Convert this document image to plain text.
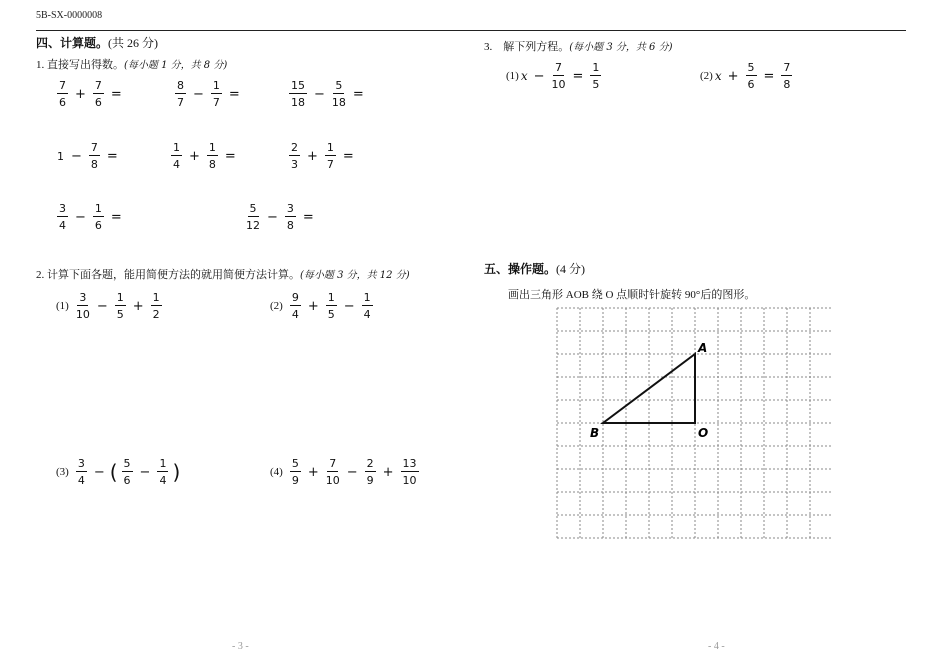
5B-SX-0000008
四、计算题。(共 26 分)
1. 直接写出得数。(每小题 1 分，共 8 分)
2. 计算下面各题，能用简便方法的就用简便方法计算。(每小题 3 分，共 12 分)
3.　解下列方程。(每小题 3 分，共 6 分)
五、操作题。(4 分)
画出三角形 AOB 绕 O 点顺时针旋转 90°后的图形。
A
O
B
- 3 -	- 4 -
$\frac{7}{6} + \frac{7}{6}$ =	$\frac{8}{7} - \frac{1}{7}$ =	$\frac{15}{18} - \frac{5}{18}$ =
$1 - \frac{7}{8}$ =	$\frac{1}{4} + \frac{1}{8}$ =	$\frac{2}{3} + \frac{1}{7}$ =
$\frac{3}{4} - \frac{1}{6}$ =	$\frac{5}{12} - \frac{3}{8}$ =
$(1) \frac{3}{10} - \frac{1}{5} + \frac{1}{2}$	$(2) \frac{9}{4} + \frac{1}{5} - \frac{1}{4}$
$(3) \frac{3}{4}$ − ( $\frac{5}{6} - \frac{1}{4}$ )	$(4) \frac{5}{9} + \frac{7}{10} - \frac{2}{9} + \frac{13}{10}$
(1) $x - \frac{7}{10} = \frac{1}{5}$	(2) $x + \frac{5}{6} = \frac{7}{8}$
